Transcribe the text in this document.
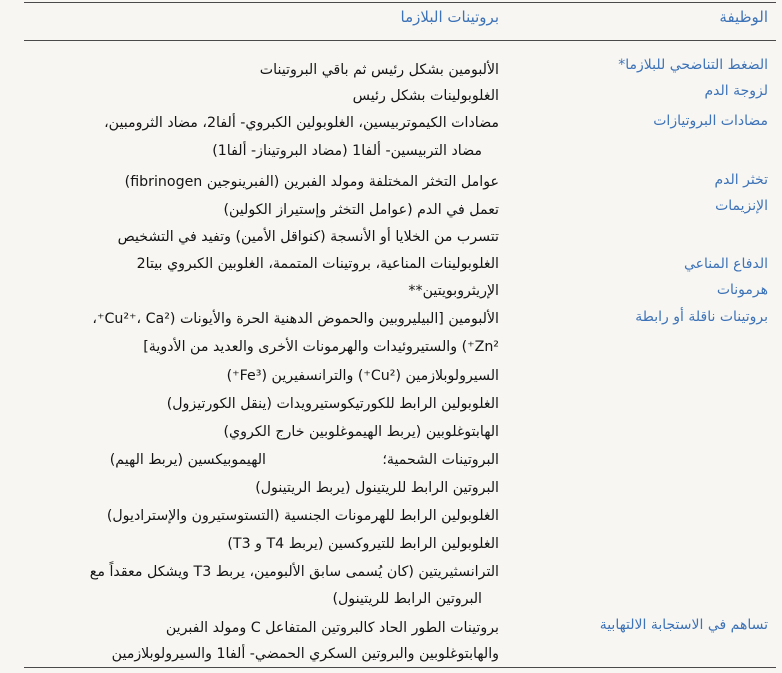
الوظيفة
بروتينات البلازما
الضغط التناضحي للبلازما*
لزوجة الدم
مضادات البروتيازات
تخثر الدم
الإنزيمات
الدفاع المناعي
هرمونات
بروتينات ناقلة أو رابطة
تساهم في الاستجابة الالتهابية
الألبومين بشكل رئيس ثم باقي البروتينات
الغلوبولينات بشكل رئيس
مضادات الكيموتربيسين، الغلوبولين الكبروي- ألفا2، مضاد الثرومبين،
مضاد التربيسين- ألفا1 (مضاد البروتيناز- ألفا1)
عوامل التخثر المختلفة ومولد الفبرين (الفبرينوجين fibrinogen)
تعمل في الدم (عوامل التخثر وإستيراز الكولين)
تتسرب من الخلايا أو الأنسجة (كنواقل الأمين) وتفيد في التشخيص
الغلوبولينات المناعية، بروتينات المتممة، الغلوبين الكبروي بيتا2
الإريثروبويتين**
الألبومين [البيليروبين والحموض الدهنية الحرة والأيونات (Cu²⁺، Ca²⁺،
Zn²⁺) والستيروئيدات والهرمونات الأخرى والعديد من الأدوية]
السيرولوبلازمين (Cu²⁺) والترانسفيرين (Fe³⁺)
الغلوبولين الرابط للكورتيكوستيرويدات (ينقل الكورتيزول)
الهابتوغلوبين (يربط الهيموغلوبين خارج الكروي)
البروتينات الشحمية؛
الهيموبيكسين (يربط الهيم)
البروتين الرابط للريتينول (يربط الريتينول)
الغلوبولين الرابط للهرمونات الجنسية (التستوستيرون والإستراديول)
الغلوبولين الرابط للتيروكسين (يربط T4 و T3)
الترانسثيريتين (كان يُسمى سابق الألبومين، يربط T3 ويشكل معقداً مع
البروتين الرابط للريتينول)
بروتينات الطور الحاد كالبروتين المتفاعل C ومولد الفبرين
والهابتوغلوبين والبروتين السكري الحمضي- ألفا1 والسيرولوبلازمين
